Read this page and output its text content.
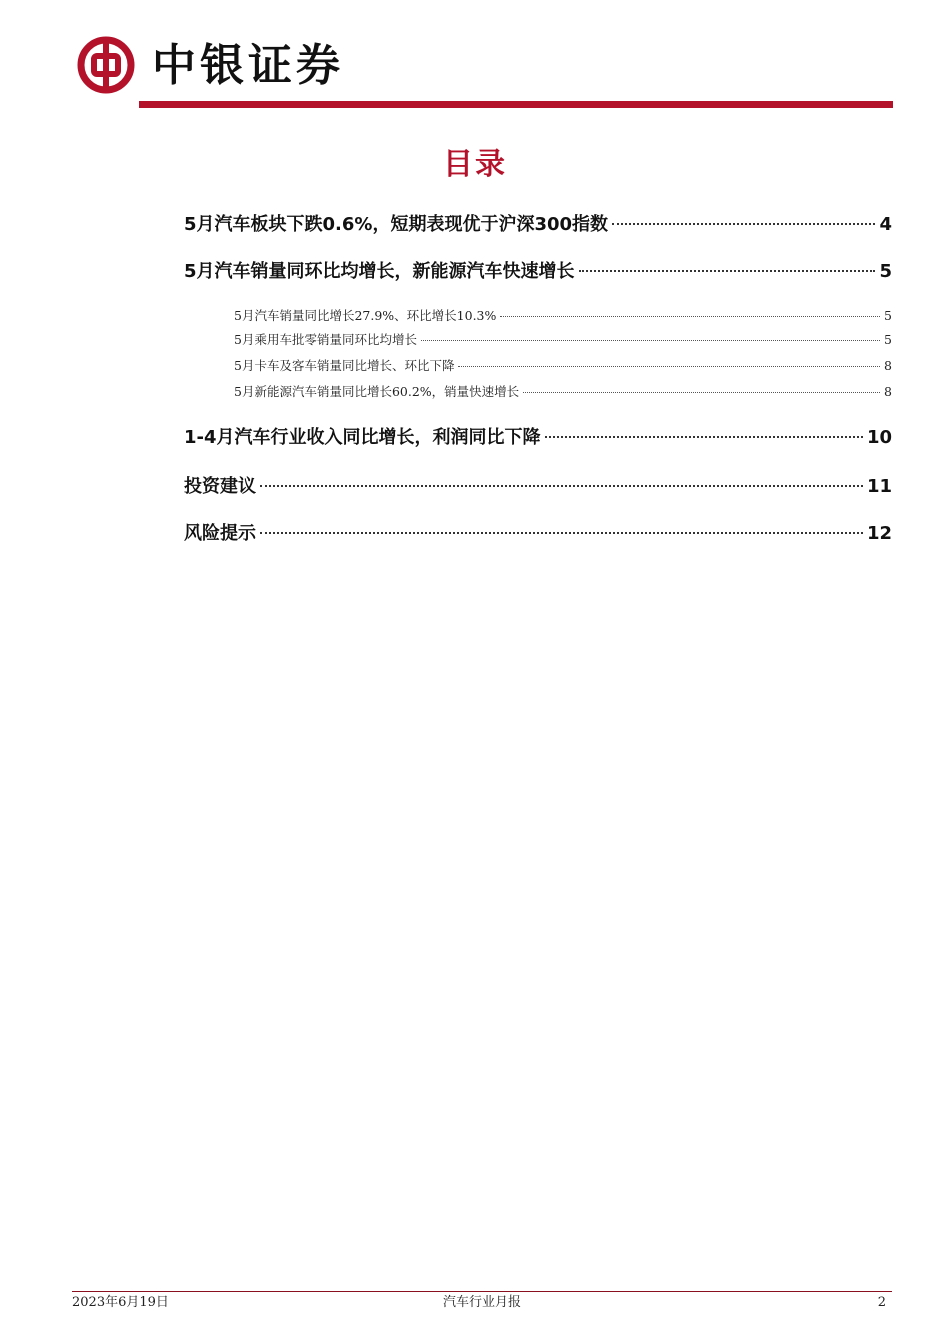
中银证券
目录
5月汽车板块下跌0.6%，短期表现优于沪深300指数	4
5月汽车销量同环比均增长，新能源汽车快速增长	5
5月汽车销量同比增长27.9%、环比增长10.3%	5
5月乘用车批零销量同环比均增长	5
5月卡车及客车销量同比增长、环比下降	8
5月新能源汽车销量同比增长60.2%，销量快速增长	8
1-4月汽车行业收入同比增长，利润同比下降	10
投资建议	11
风险提示	12
2023年6月19日	汽车行业月报	2
